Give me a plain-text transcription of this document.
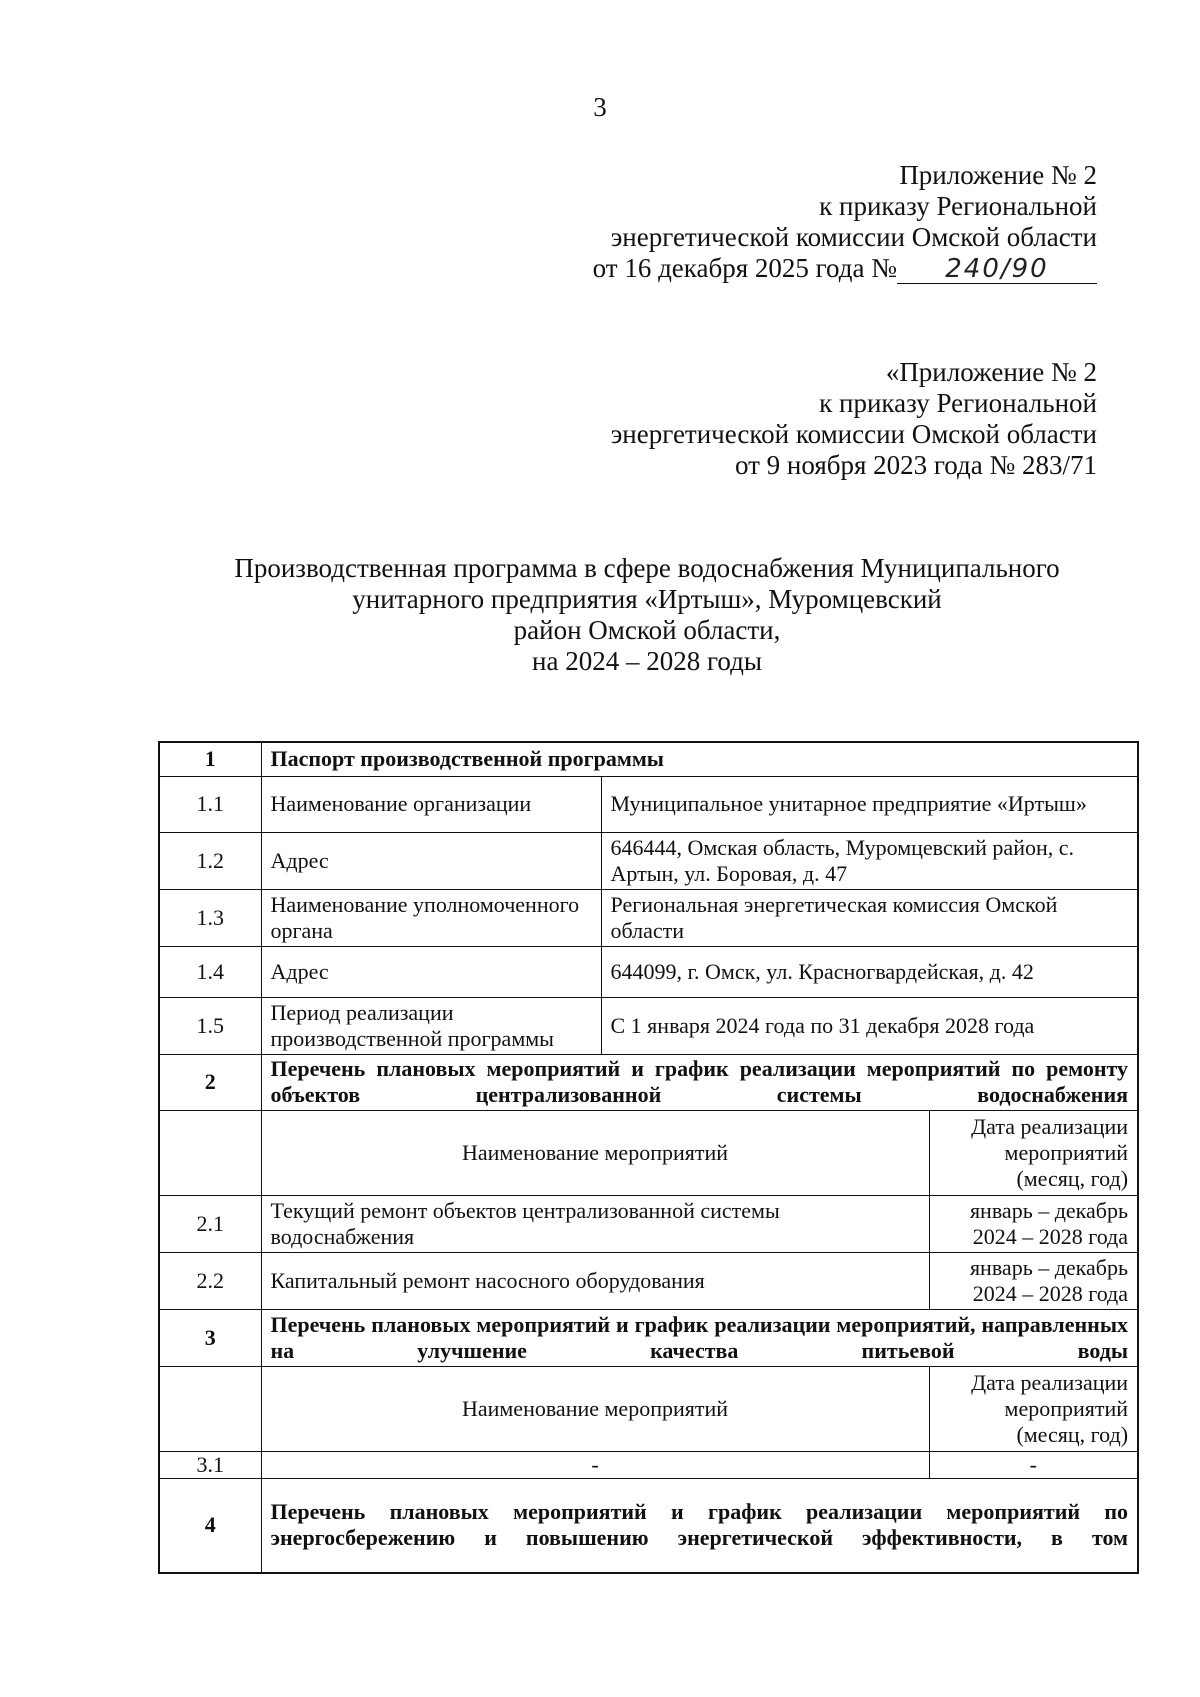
3
Приложение № 2
к приказу Региональной
энергетической комиссии Омской области
от 16 декабря 2025 года № 240/90
«Приложение № 2
к приказу Региональной
энергетической комиссии Омской области
от 9 ноября 2023 года № 283/71
Производственная программа в сфере водоснабжения Муниципального
унитарного предприятия «Иртыш», Муромцевский
район Омской области,
на 2024 – 2028 годы
1	Паспорт производственной программы		
1.1	Наименование организации	Муниципальное унитарное предприятие «Иртыш»	
1.2	Адрес	646444, Омская область, Муромцевский район, с. Артын, ул. Боровая, д. 47	
1.3	Наименование уполномоченного органа	Региональная энергетическая комиссия Омской области	
1.4	Адрес	644099, г. Омск, ул. Красногвардейская, д. 42	
1.5	Период реализации производственной программы	С 1 января 2024 года по 31 декабря 2028 года	
2	Перечень плановых мероприятий и график реализации мероприятий по ремонту объектов централизованной системы водоснабжения		
	Наименование мероприятий		Дата реализации мероприятий (месяц, год)
2.1	Текущий ремонт объектов централизованной системы водоснабжения		январь – декабрь 2024 – 2028 года
2.2	Капитальный ремонт насосного оборудования		январь – декабрь 2024 – 2028 года
3	Перечень плановых мероприятий и график реализации мероприятий, направленных на улучшение качества питьевой воды		
	Наименование мероприятий		Дата реализации мероприятий (месяц, год)
3.1	-		-
4	Перечень плановых мероприятий и график реализации мероприятий по энергосбережению и повышению энергетической эффективности, в том		
